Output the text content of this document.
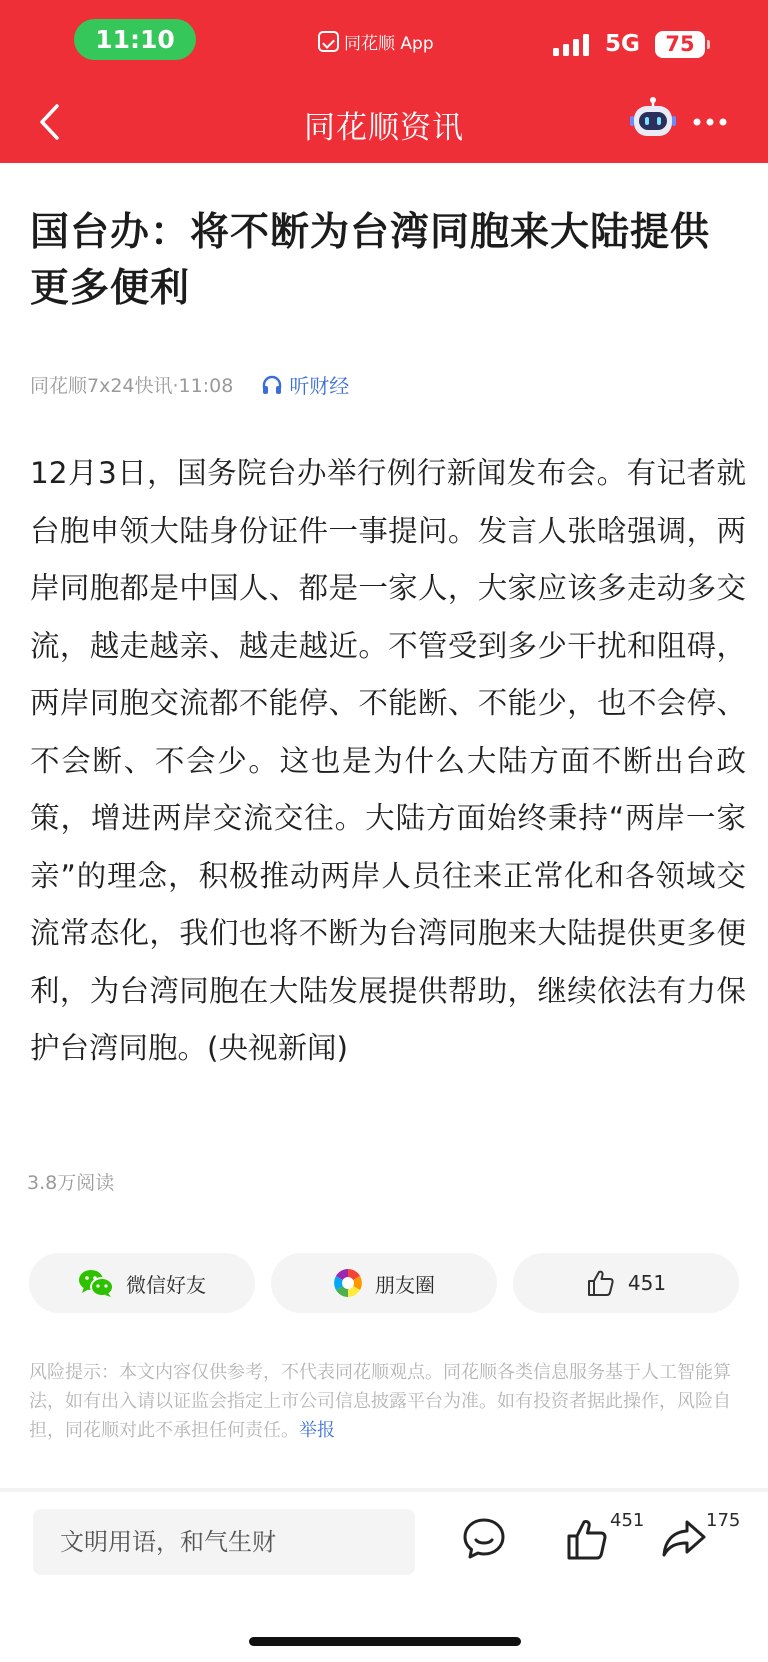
11:10	同花顺 App	5G	75
同花顺资讯
国台办：将不断为台湾同胞来大陆提供更多便利
同花顺7x24快讯·11:08	听财经

12月3日，国务院台办举行例行新闻发布会。有记者就台胞申领大陆身份证件一事提问。发言人张晗强调，两岸同胞都是中国人、都是一家人，大家应该多走动多交流，越走越亲、越走越近。不管受到多少干扰和阻碍，两岸同胞交流都不能停、不能断、不能少，也不会停、不会断、不会少。这也是为什么大陆方面不断出台政策，增进两岸交流交往。大陆方面始终秉持“两岸一家亲”的理念，积极推动两岸人员往来正常化和各领域交流常态化，我们也将不断为台湾同胞来大陆提供更多便利，为台湾同胞在大陆发展提供帮助，继续依法有力保护台湾同胞。(央视新闻)

3.8万阅读
微信好友	朋友圈	451

风险提示：本文内容仅供参考，不代表同花顺观点。同花顺各类信息服务基于人工智能算法，如有出入请以证监会指定上市公司信息披露平台为准。如有投资者据此操作，风险自担，同花顺对此不承担任何责任。举报

文明用语，和气生财
451	175
